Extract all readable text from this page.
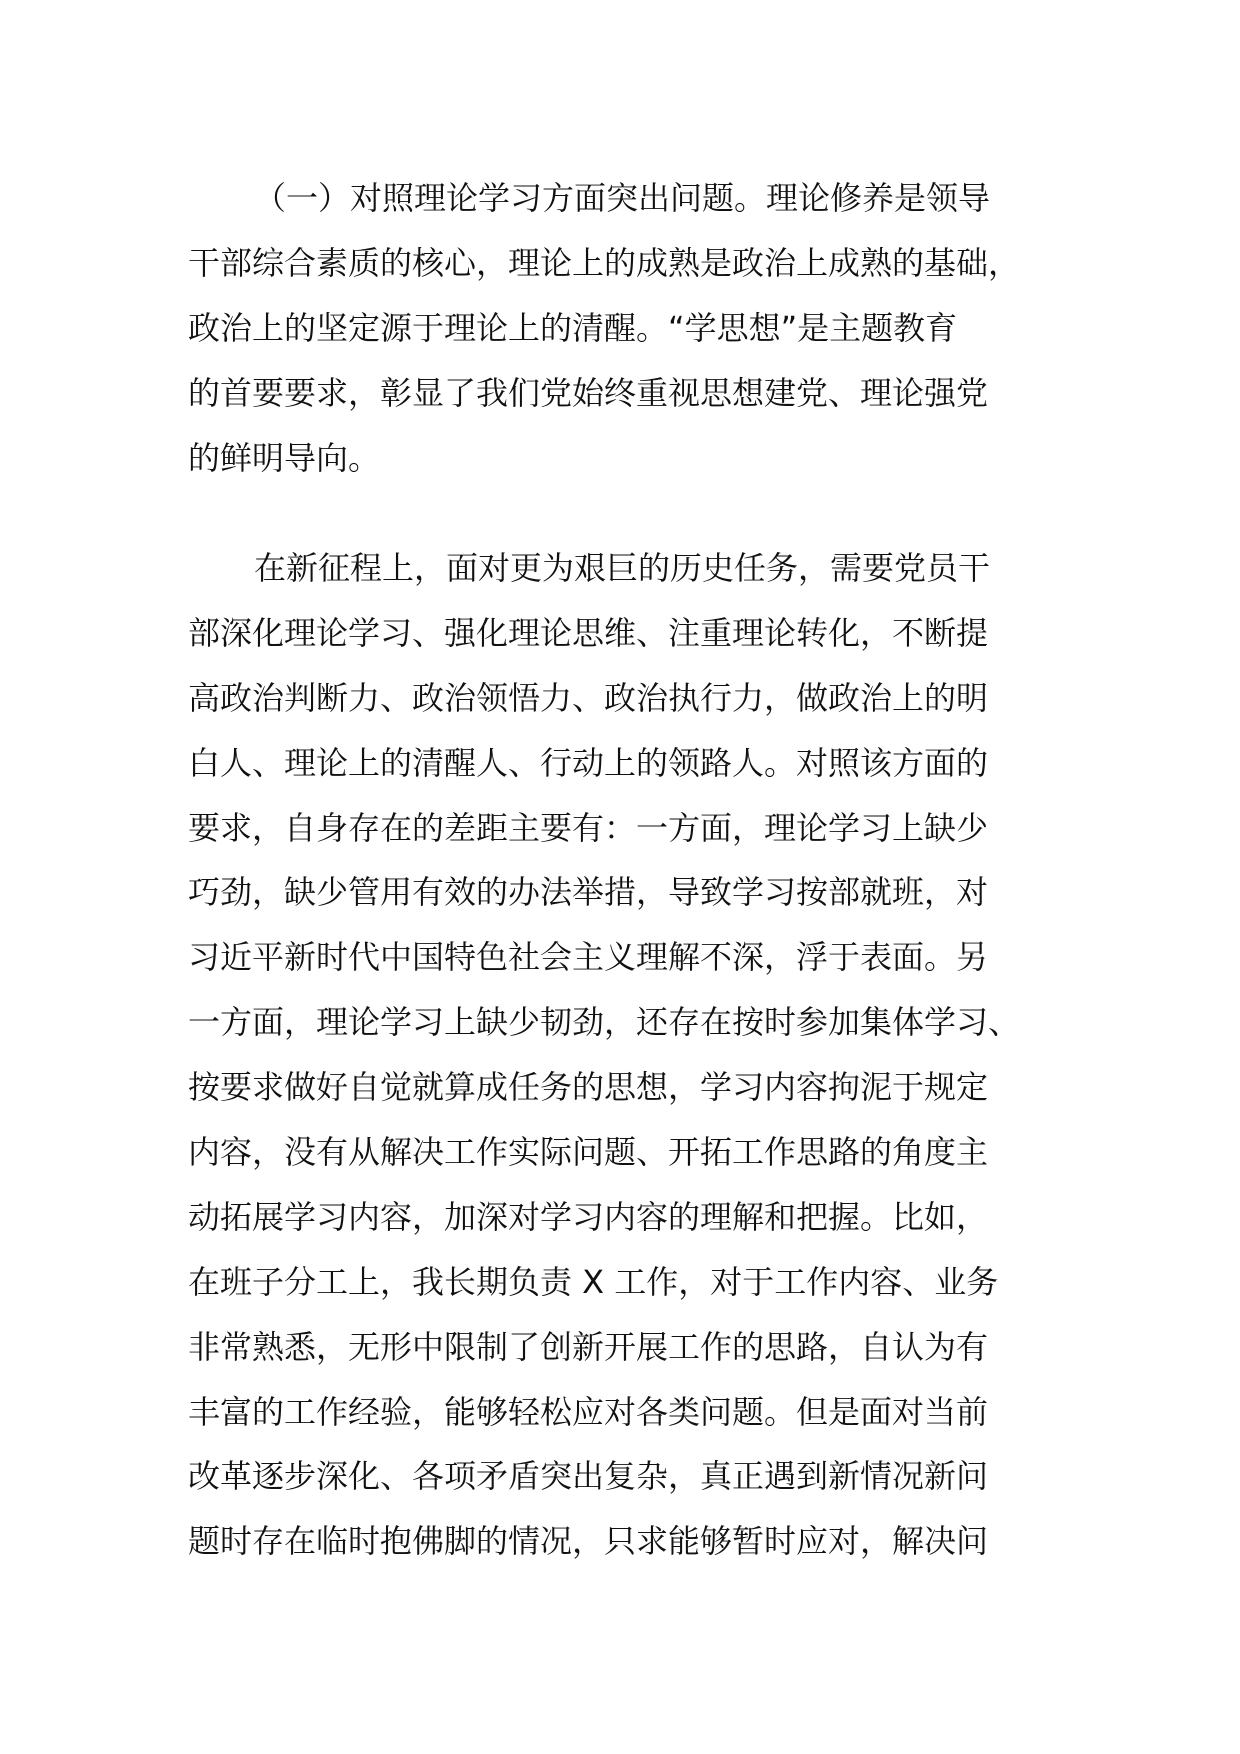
（一）对照理论学习方面突出问题。理论修养是领导
干部综合素质的核心，理论上的成熟是政治上成熟的基础，
政治上的坚定源于理论上的清醒。“学思想”是主题教育
的首要要求，彰显了我们党始终重视思想建党、理论强党
的鲜明导向。
在新征程上，面对更为艰巨的历史任务，需要党员干
部深化理论学习、强化理论思维、注重理论转化，不断提
高政治判断力、政治领悟力、政治执行力，做政治上的明
白人、理论上的清醒人、行动上的领路人。对照该方面的
要求，自身存在的差距主要有：一方面，理论学习上缺少
巧劲，缺少管用有效的办法举措，导致学习按部就班，对
习近平新时代中国特色社会主义理解不深，浮于表面。另
一方面，理论学习上缺少韧劲，还存在按时参加集体学习、
按要求做好自觉就算成任务的思想，学习内容拘泥于规定
内容，没有从解决工作实际问题、开拓工作思路的角度主
动拓展学习内容，加深对学习内容的理解和把握。比如，
在班子分工上，我长期负责 X 工作，对于工作内容、业务
非常熟悉，无形中限制了创新开展工作的思路，自认为有
丰富的工作经验，能够轻松应对各类问题。但是面对当前
改革逐步深化、各项矛盾突出复杂，真正遇到新情况新问
题时存在临时抱佛脚的情况，只求能够暂时应对，解决问
